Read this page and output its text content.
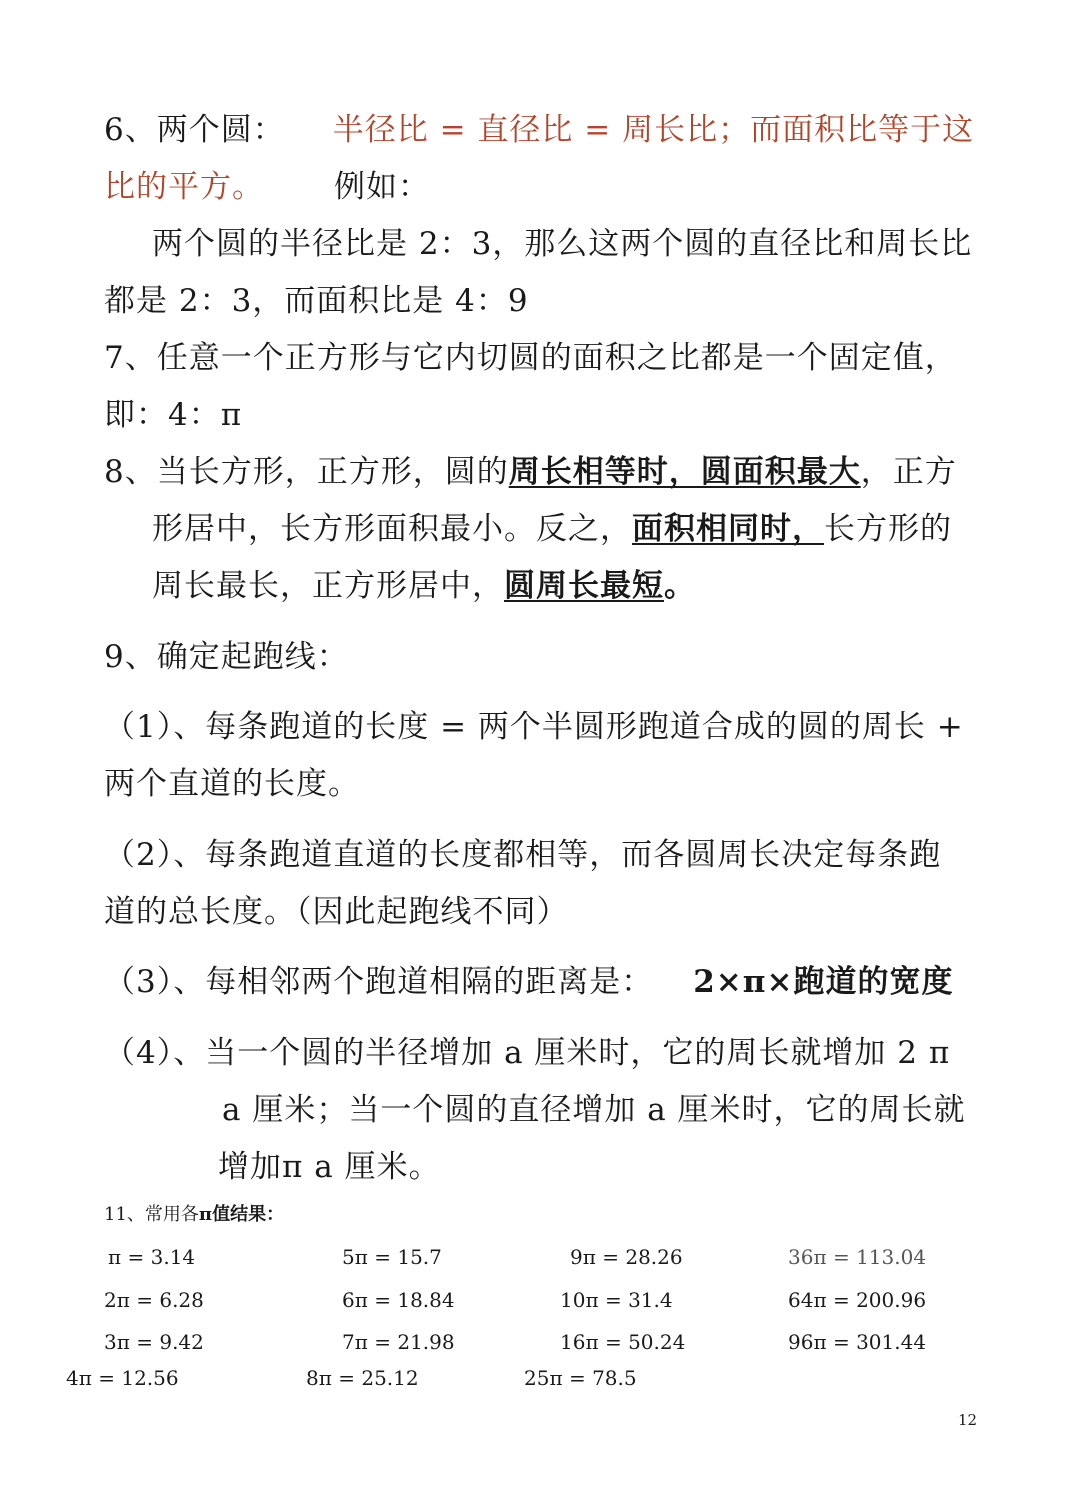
6、两个圆： 半径比 = 直径比 = 周长比；而面积比等于这
比的平方。 例如：
两个圆的半径比是 2：3，那么这两个圆的直径比和周长比
都是 2：3，而面积比是 4：9
7、任意一个正方形与它内切圆的面积之比都是一个固定值，
即：4：π
8、当长方形，正方形，圆的周长相等时，圆面积最大，正方
形居中，长方形面积最小。反之，面积相同时，长方形的
周长最长，正方形居中，圆周长最短。
9、确定起跑线：
（1）、每条跑道的长度 = 两个半圆形跑道合成的圆的周长 +
两个直道的长度。
（2）、每条跑道直道的长度都相等，而各圆周长决定每条跑
道的总长度。（因此起跑线不同）
（3）、每相邻两个跑道相隔的距离是： 2×π×跑道的宽度
（4）、当一个圆的半径增加 a 厘米时，它的周长就增加 2 π
a 厘米；当一个圆的直径增加 a 厘米时，它的周长就
增加π a 厘米。
11、常用各π值结果：
π = 3.14	5π = 15.7	9π = 28.26	36π = 113.04
2π = 6.28	6π = 18.84	10π = 31.4	64π = 200.96
3π = 9.42	7π = 21.98	16π = 50.24	96π = 301.44
4π = 12.56	8π = 25.12	25π = 78.5
12
